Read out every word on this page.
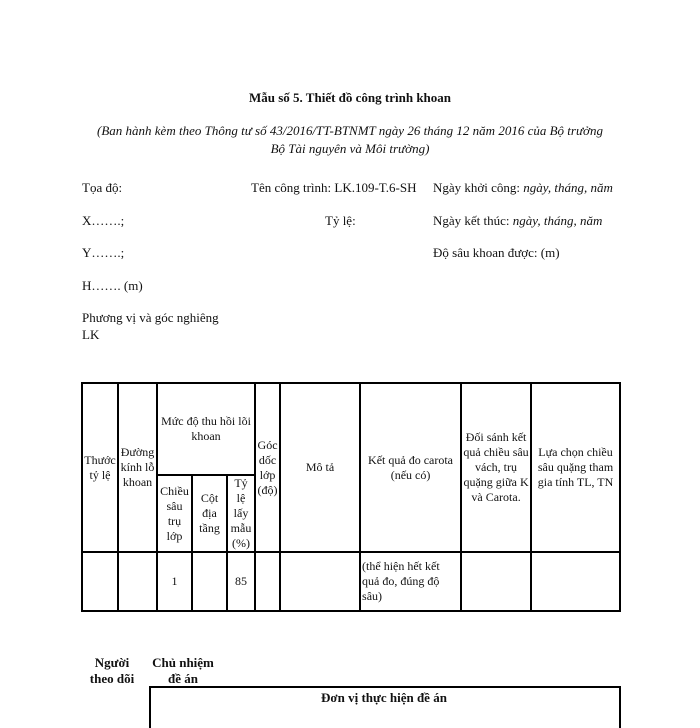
Mẫu số 5. Thiết đồ công trình khoan
(Ban hành kèm theo Thông tư số 43/2016/TT-BTNMT ngày 26 tháng 12 năm 2016 của Bộ trưởng Bộ Tài nguyên và Môi trường)
Tọa độ:
X…….;
Y…….;
H……. (m)
Phương vị và góc nghiêng
LK
Tên công trình: LK.109-T.6-SH
Tỷ lệ:
Ngày khởi công: ngày, tháng, năm
Ngày kết thúc: ngày, tháng, năm
Độ sâu khoan được: (m)
Thước tỷ lệ	Đường kính lỗ khoan	Mức độ thu hồi lõi khoan			Góc dốc lớp (độ)	Mô tả	Kết quả đo carota (nếu có)	Đối sánh kết quả chiều sâu vách, trụ quặng giữa K và Carota.	Lựa chọn chiều sâu quặng tham gia tính TL, TN
		Chiều sâu trụ lớp	Cột địa tầng	Tỷ lệ lấy mẫu (%)					
		1		85			(thể hiện hết kết quả đo, đúng độ sâu)		
Người theo dõi
Chủ nhiệm đề án
Đơn vị thực hiện đề án
